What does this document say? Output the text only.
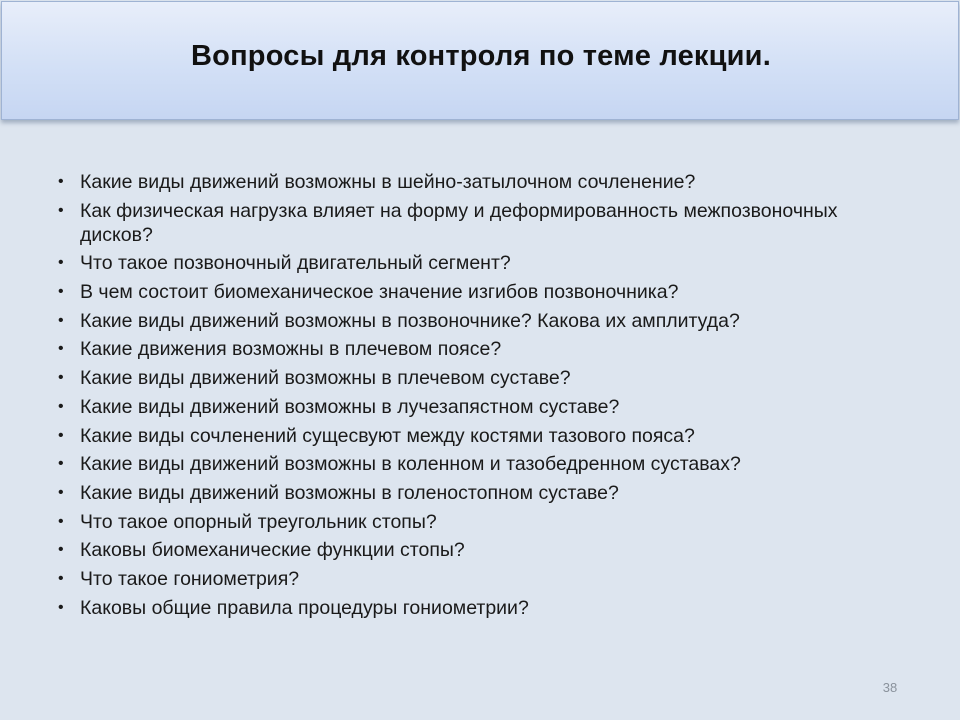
Вопросы для контроля по теме лекции.
• Какие виды движений возможны в шейно-затылочном сочленение?
• Как физическая нагрузка влияет на форму и деформированность межпозвоночных дисков?
• Что такое позвоночный двигательный сегмент?
• В чем состоит биомеханическое значение изгибов позвоночника?
• Какие виды движений возможны в позвоночнике? Какова их амплитуда?
• Какие движения возможны в плечевом поясе?
• Какие виды движений возможны в плечевом суставе?
• Какие виды движений возможны в лучезапястном суставе?
• Какие виды сочленений сущесвуют между костями тазового пояса?
• Какие виды движений возможны в коленном и тазобедренном суставах?
• Какие виды движений возможны в голеностопном суставе?
• Что такое опорный треугольник стопы?
• Каковы биомеханические функции стопы?
• Что такое гониометрия?
• Каковы общие правила процедуры гониометрии?
38
